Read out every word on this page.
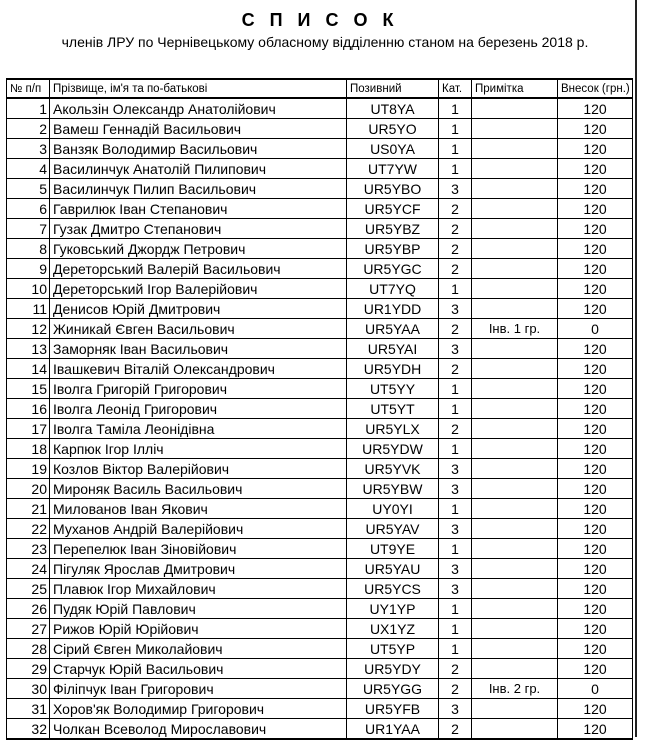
С П И С О К
членів ЛРУ по Чернівецькому обласному відділенню станом на березень 2018 р.
№ п/п	Прізвище, ім'я та по-батькові	Позивний	Кат.	Примітка	Внесок (грн.)
1	Акользін Олександр Анатолійович	UT8YA	1		120
2	Вамеш Геннадій Васильович	UR5YO	1		120
3	Ванзяк Володимир Васильович	US0YA	1		120
4	Василинчук Анатолій Пилипович	UT7YW	1		120
5	Василинчук Пилип Васильович	UR5YBO	3		120
6	Гаврилюк Іван Степанович	UR5YCF	2		120
7	Гузак Дмитро Степанович	UR5YBZ	2		120
8	Гуковський Джордж Петрович	UR5YBP	2		120
9	Дереторський Валерій Васильович	UR5YGC	2		120
10	Дереторський Ігор Валерійович	UT7YQ	1		120
11	Денисов Юрій Дмитрович	UR1YDD	3		120
12	Жиникай Євген Васильович	UR5YAA	2	Інв. 1 гр.	0
13	Заморняк Іван Васильович	UR5YAI	3		120
14	Івашкевич Віталій Олександрович	UR5YDH	2		120
15	Іволга Григорій Григорович	UT5YY	1		120
16	Іволга Леонід Григорович	UT5YT	1		120
17	Іволга Таміла Леонідівна	UR5YLX	2		120
18	Карпюк Ігор Ілліч	UR5YDW	1		120
19	Козлов Віктор Валерійович	UR5YVK	3		120
20	Мироняк Василь Васильович	UR5YBW	3		120
21	Милованов Іван Якович	UY0YI	1		120
22	Муханов Андрій Валерійович	UR5YAV	3		120
23	Перепелюк Іван Зіновійович	UT9YE	1		120
24	Пігуляк Ярослав Дмитрович	UR5YAU	3		120
25	Плавюк Ігор Михайлович	UR5YCS	3		120
26	Пудяк Юрій Павлович	UY1YP	1		120
27	Рижов Юрій Юрійович	UX1YZ	1		120
28	Сірий Євген Миколайович	UT5YP	1		120
29	Старчук Юрій Васильович	UR5YDY	2		120
30	Філіпчук Іван Григорович	UR5YGG	2	Інв. 2 гр.	0
31	Хоров'як Володимир Григорович	UR5YFB	3		120
32	Чолкан Всеволод Мирославович	UR1YAA	2		120
